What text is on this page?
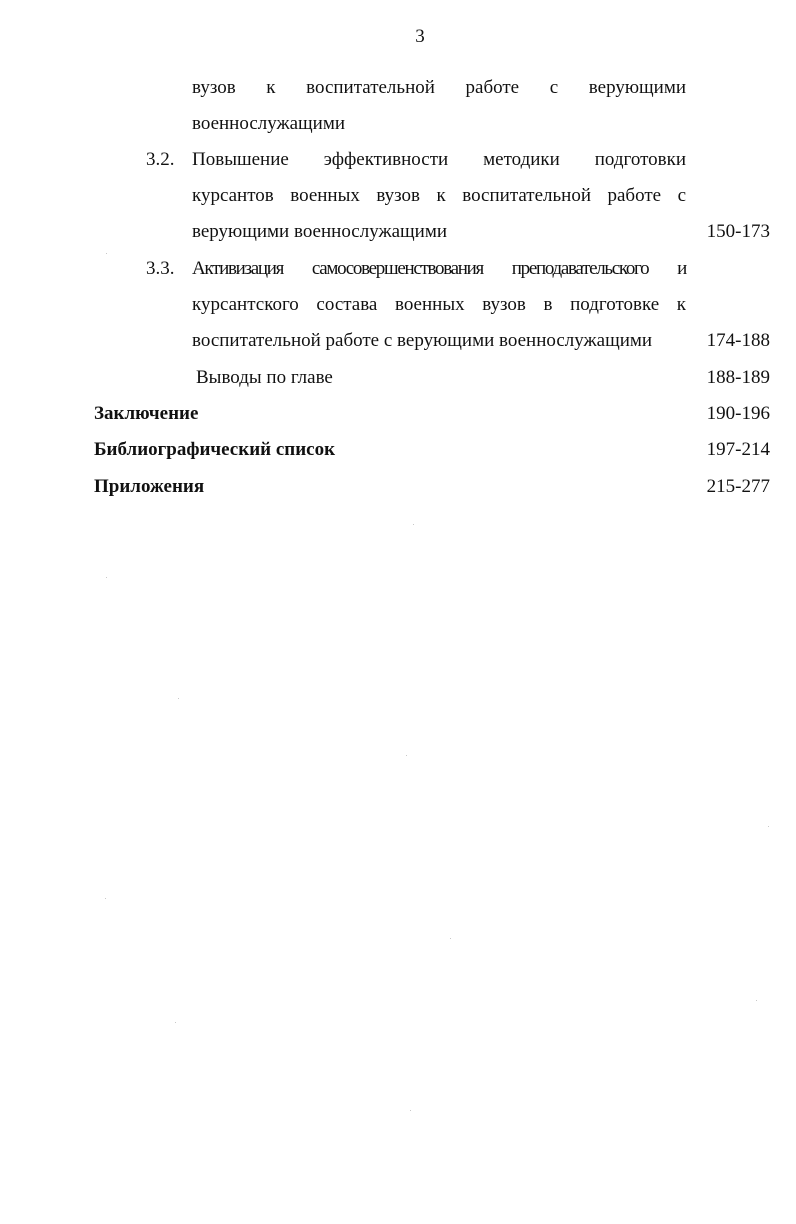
3
вузов к воспитательной работе с верующими
военнослужащими
3.2. Повышение эффективности методики подготовки
курсантов военных вузов к воспитательной работе с
верующими военнослужащими	150-173
3.3. Активизация самосовершенствования преподавательского и
курсантского состава военных вузов в подготовке к
воспитательной работе с верующими военнослужащими	174-188
Выводы по главе	188-189
Заключение	190-196
Библиографический список	197-214
Приложения	215-277
